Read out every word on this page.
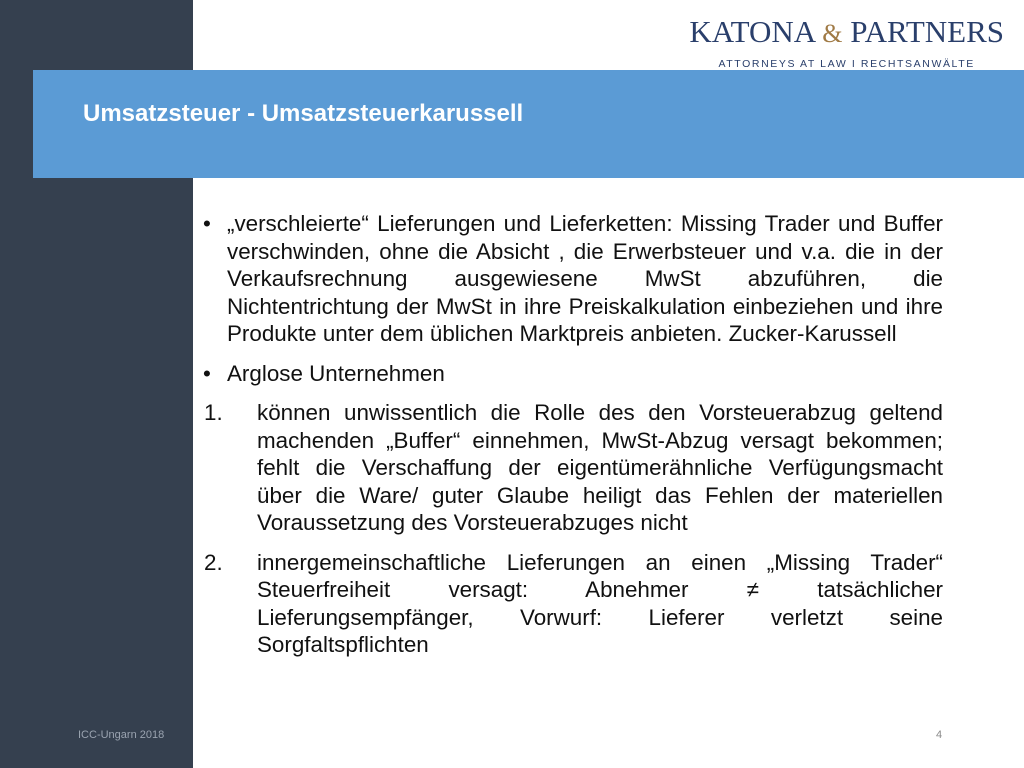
KATONA & PARTNERS
ATTORNEYS AT LAW I RECHTSANWÄLTE
Umsatzsteuer - Umsatzsteuerkarussell
• „verschleierte“ Lieferungen und Lieferketten: Missing Trader und Buffer verschwinden, ohne die Absicht , die Erwerbsteuer und v.a. die in der Verkaufsrechnung ausgewiesene MwSt abzuführen, die Nichtentrichtung der MwSt in ihre Preiskalkulation einbeziehen und ihre Produkte unter dem üblichen Marktpreis anbieten. Zucker-Karussell
• Arglose Unternehmen
1. können unwissentlich die Rolle des den Vorsteuerabzug geltend machenden „Buffer“ einnehmen, MwSt-Abzug versagt bekommen; fehlt die Verschaffung der eigentümerähnliche Verfügungsmacht über die Ware/ guter Glaube heiligt das Fehlen der materiellen Voraussetzung des Vorsteuerabzuges nicht
2. innergemeinschaftliche Lieferungen an einen „Missing Trader“ Steuerfreiheit versagt: Abnehmer ≠ tatsächlicher Lieferungsempfänger, Vorwurf: Lieferer verletzt seine Sorgfaltspflichten
ICC-Ungarn 2018	4
